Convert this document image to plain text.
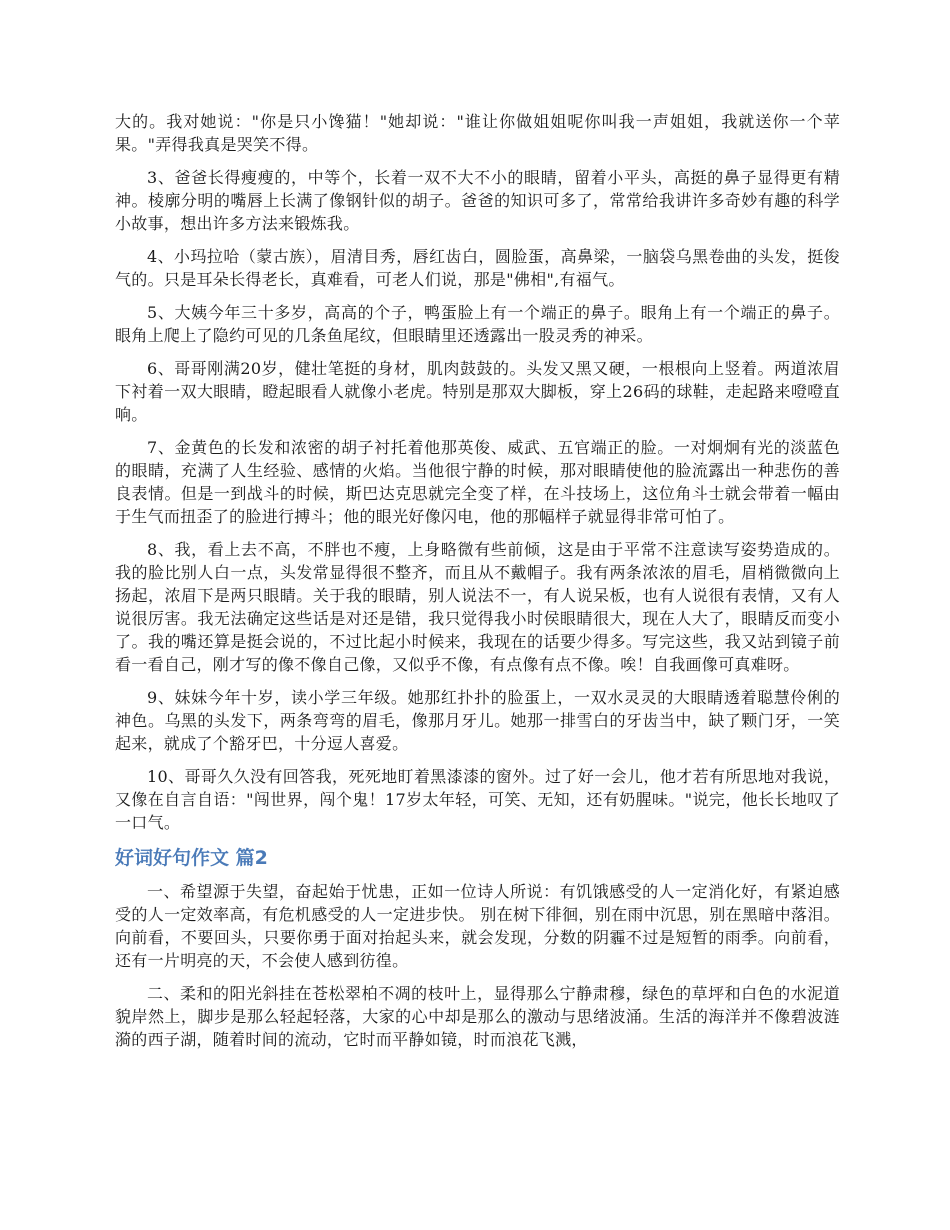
大的。我对她说："你是只小馋猫！"她却说："谁让你做姐姐呢你叫我一声姐姐，我就送你一个苹果。"弄得我真是哭笑不得。

3、爸爸长得瘦瘦的，中等个，长着一双不大不小的眼睛，留着小平头，高挺的鼻子显得更有精神。棱廓分明的嘴唇上长满了像钢针似的胡子。爸爸的知识可多了，常常给我讲许多奇妙有趣的科学小故事，想出许多方法来锻炼我。

4、小玛拉哈（蒙古族），眉清目秀，唇红齿白，圆脸蛋，高鼻梁，一脑袋乌黑卷曲的头发，挺俊气的。只是耳朵长得老长，真难看，可老人们说，那是"佛相",有福气。

5、大姨今年三十多岁，高高的个子，鸭蛋脸上有一个端正的鼻子。眼角上有一个端正的鼻子。眼角上爬上了隐约可见的几条鱼尾纹，但眼睛里还透露出一股灵秀的神采。

6、哥哥刚满20岁，健壮笔挺的身材，肌肉鼓鼓的。头发又黑又硬，一根根向上竖着。两道浓眉下衬着一双大眼睛，瞪起眼看人就像小老虎。特别是那双大脚板，穿上26码的球鞋，走起路来噔噔直响。

7、金黄色的长发和浓密的胡子衬托着他那英俊、威武、五官端正的脸。一对炯炯有光的淡蓝色的眼睛，充满了人生经验、感情的火焰。当他很宁静的时候，那对眼睛使他的脸流露出一种悲伤的善良表情。但是一到战斗的时候，斯巴达克思就完全变了样，在斗技场上，这位角斗士就会带着一幅由于生气而扭歪了的脸进行搏斗；他的眼光好像闪电，他的那幅样子就显得非常可怕了。

8、我，看上去不高，不胖也不瘦，上身略微有些前倾，这是由于平常不注意读写姿势造成的。我的脸比别人白一点，头发常显得很不整齐，而且从不戴帽子。我有两条浓浓的眉毛，眉梢微微向上扬起，浓眉下是两只眼睛。关于我的眼睛，别人说法不一，有人说呆板，也有人说很有表情，又有人说很厉害。我无法确定这些话是对还是错，我只觉得我小时侯眼睛很大，现在人大了，眼睛反而变小了。我的嘴还算是挺会说的，不过比起小时候来，我现在的话要少得多。写完这些，我又站到镜子前看一看自己，刚才写的像不像自己像，又似乎不像，有点像有点不像。唉！自我画像可真难呀。

9、妹妹今年十岁，读小学三年级。她那红扑扑的脸蛋上，一双水灵灵的大眼睛透着聪慧伶俐的神色。乌黑的头发下，两条弯弯的眉毛，像那月牙儿。她那一排雪白的牙齿当中，缺了颗门牙，一笑起来，就成了个豁牙巴，十分逗人喜爱。

10、哥哥久久没有回答我，死死地盯着黑漆漆的窗外。过了好一会儿，他才若有所思地对我说，又像在自言自语："闯世界，闯个鬼！17岁太年轻，可笑、无知，还有奶腥味。"说完，他长长地叹了一口气。

好词好句作文 篇2

一、希望源于失望，奋起始于忧患，正如一位诗人所说：有饥饿感受的人一定消化好，有紧迫感受的人一定效率高，有危机感受的人一定进步快。 别在树下徘徊，别在雨中沉思，别在黑暗中落泪。向前看，不要回头，只要你勇于面对抬起头来，就会发现，分数的阴霾不过是短暂的雨季。向前看，还有一片明亮的天，不会使人感到彷徨。

二、柔和的阳光斜挂在苍松翠柏不凋的枝叶上，显得那么宁静肃穆，绿色的草坪和白色的水泥道貌岸然上，脚步是那么轻起轻落，大家的心中却是那么的激动与思绪波涌。生活的海洋并不像碧波涟漪的西子湖，随着时间的流动，它时而平静如镜，时而浪花飞溅，
